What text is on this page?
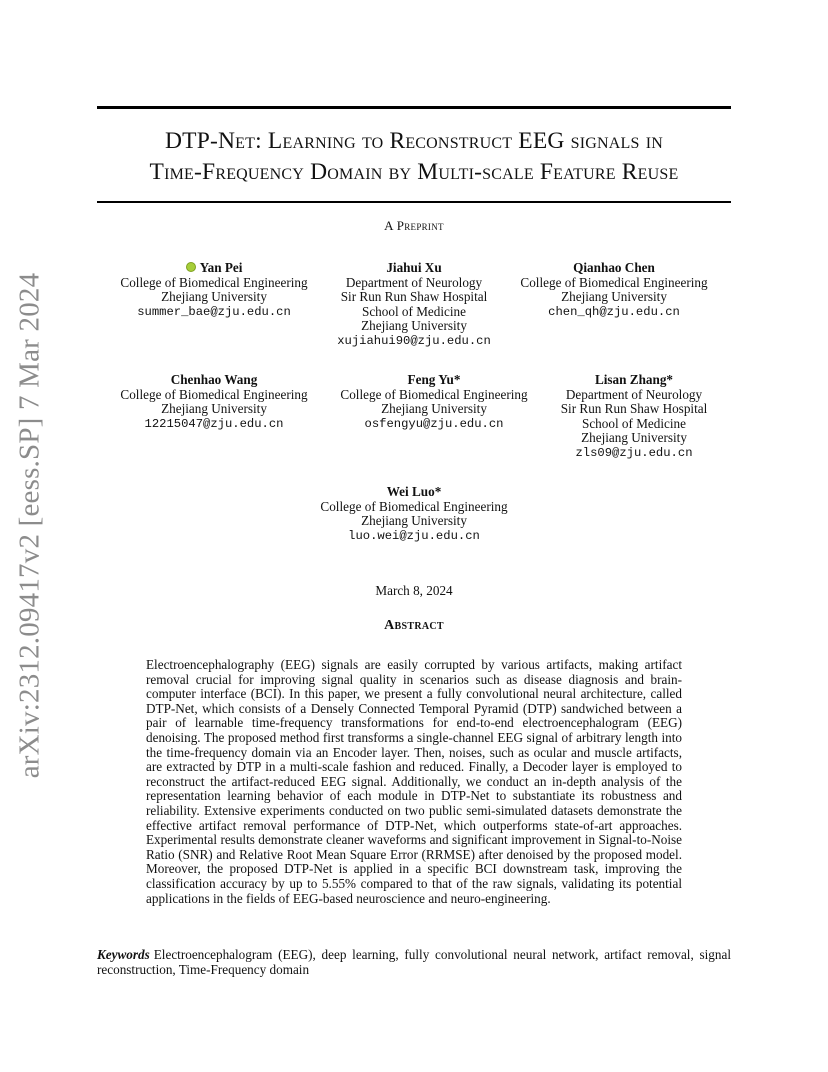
arXiv:2312.09417v2 [eess.SP] 7 Mar 2024
DTP-Net: Learning to Reconstruct EEG signals in
Time-Frequency Domain by Multi-scale Feature Reuse
A Preprint
Yan Pei
College of Biomedical Engineering
Zhejiang University
summer_bae@zju.edu.cn
Jiahui Xu
Department of Neurology
Sir Run Run Shaw Hospital
School of Medicine
Zhejiang University
xujiahui90@zju.edu.cn
Qianhao Chen
College of Biomedical Engineering
Zhejiang University
chen_qh@zju.edu.cn
Chenhao Wang
College of Biomedical Engineering
Zhejiang University
12215047@zju.edu.cn
Feng Yu*
College of Biomedical Engineering
Zhejiang University
osfengyu@zju.edu.cn
Lisan Zhang*
Department of Neurology
Sir Run Run Shaw Hospital
School of Medicine
Zhejiang University
zls09@zju.edu.cn
Wei Luo*
College of Biomedical Engineering
Zhejiang University
luo.wei@zju.edu.cn
March 8, 2024
Abstract
Electroencephalography (EEG) signals are easily corrupted by various artifacts, making artifact removal crucial for improving signal quality in scenarios such as disease diagnosis and brain-computer interface (BCI). In this paper, we present a fully convolutional neural architecture, called DTP-Net, which consists of a Densely Connected Temporal Pyramid (DTP) sandwiched between a pair of learnable time-frequency transformations for end-to-end electroencephalogram (EEG) denoising. The proposed method first transforms a single-channel EEG signal of arbitrary length into the time-frequency domain via an Encoder layer. Then, noises, such as ocular and muscle artifacts, are extracted by DTP in a multi-scale fashion and reduced. Finally, a Decoder layer is employed to reconstruct the artifact-reduced EEG signal. Additionally, we conduct an in-depth analysis of the representation learning behavior of each module in DTP-Net to substantiate its robustness and reliability. Extensive experiments conducted on two public semi-simulated datasets demonstrate the effective artifact removal performance of DTP-Net, which outperforms state-of-art approaches. Experimental results demonstrate cleaner waveforms and significant improvement in Signal-to-Noise Ratio (SNR) and Relative Root Mean Square Error (RRMSE) after denoised by the proposed model. Moreover, the proposed DTP-Net is applied in a specific BCI downstream task, improving the classification accuracy by up to 5.55% compared to that of the raw signals, validating its potential applications in the fields of EEG-based neuroscience and neuro-engineering.
Keywords Electroencephalogram (EEG), deep learning, fully convolutional neural network, artifact removal, signal reconstruction, Time-Frequency domain
